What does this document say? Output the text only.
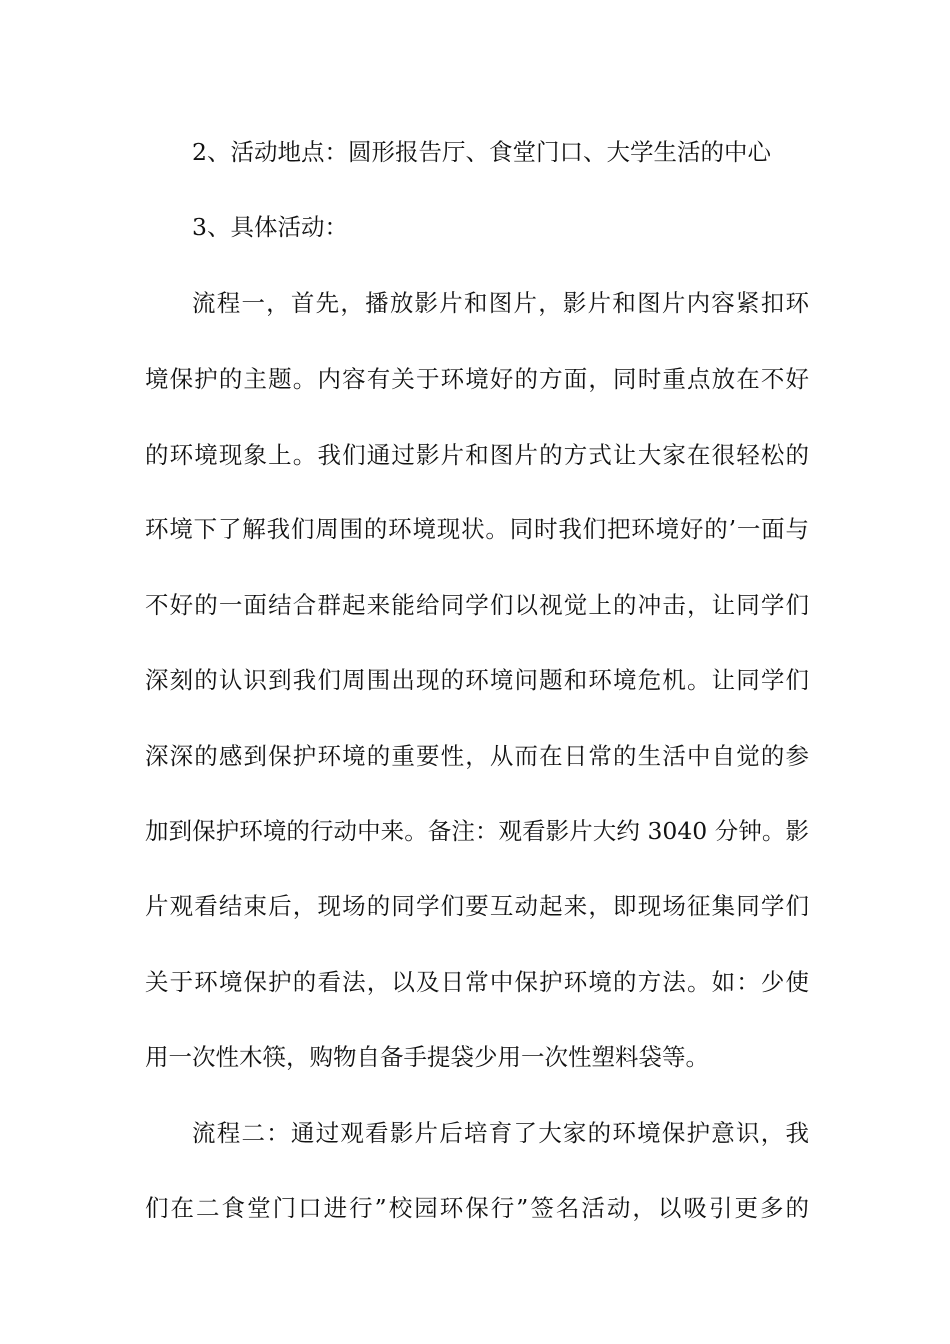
2、活动地点：圆形报告厅、食堂门口、大学生活的中心
3、具体活动：
流程一，首先，播放影片和图片，影片和图片内容紧扣环
境保护的主题。内容有关于环境好的方面，同时重点放在不好
的环境现象上。我们通过影片和图片的方式让大家在很轻松的
环境下了解我们周围的环境现状。同时我们把环境好的’一面与
不好的一面结合群起来能给同学们以视觉上的冲击，让同学们
深刻的认识到我们周围出现的环境问题和环境危机。让同学们
深深的感到保护环境的重要性，从而在日常的生活中自觉的参
加到保护环境的行动中来。备注：观看影片大约 3040 分钟。影
片观看结束后，现场的同学们要互动起来，即现场征集同学们
关于环境保护的看法，以及日常中保护环境的方法。如：少使
用一次性木筷，购物自备手提袋少用一次性塑料袋等。
流程二：通过观看影片后培育了大家的环境保护意识，我
们在二食堂门口进行”校园环保行”签名活动，以吸引更多的
